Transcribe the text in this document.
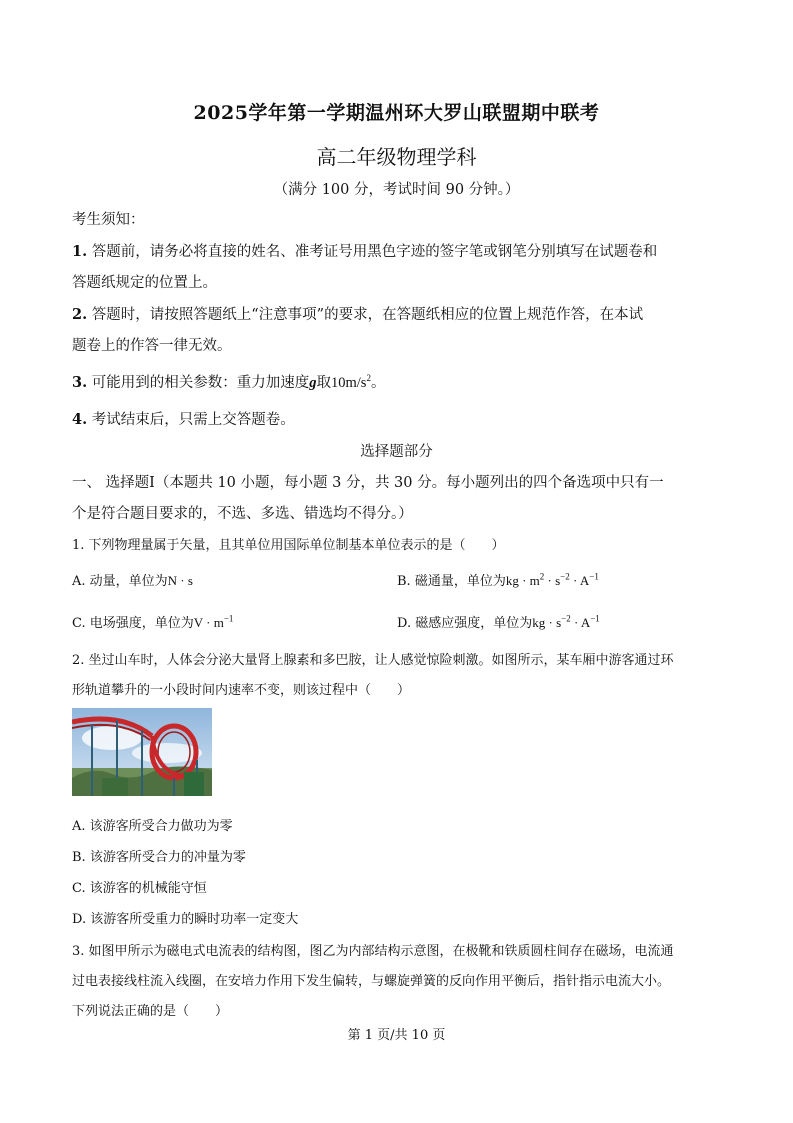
2025学年第一学期温州环大罗山联盟期中联考
高二年级物理学科
（满分 100 分，考试时间 90 分钟。）
考生须知：
1. 答题前，请务必将直接的姓名、准考证号用黑色字迹的签字笔或钢笔分别填写在试题卷和
答题纸规定的位置上。
2. 答题时，请按照答题纸上“注意事项”的要求，在答题纸相应的位置上规范作答，在本试
题卷上的作答一律无效。
3. 可能用到的相关参数：重力加速度g取$10m/s^2$。
4. 考试结束后，只需上交答题卷。
选择题部分
一、 选择题Ⅰ（本题共 10 小题，每小题 3 分，共 30 分。每小题列出的四个备选项中只有一
个是符合题目要求的，不选、多选、错选均不得分。）
1. 下列物理量属于矢量，且其单位用国际单位制基本单位表示的是（　　）
A. 动量，单位为N · s	B. 磁通量，单位为kg · $m^2 \cdot s^{-2} \cdot A^{-1}$
C. 电场强度，单位为$V \cdot m^{-1}$	D. 磁感应强度，单位为kg · $s^{-2} \cdot A^{-1}$
2. 坐过山车时，人体会分泌大量肾上腺素和多巴胺，让人感觉惊险刺激。如图所示，某车厢中游客通过环
形轨道攀升的一小段时间内速率不变，则该过程中（　　）
A. 该游客所受合力做功为零
B. 该游客所受合力的冲量为零
C. 该游客的机械能守恒
D. 该游客所受重力的瞬时功率一定变大
3. 如图甲所示为磁电式电流表的结构图，图乙为内部结构示意图，在极靴和铁质圆柱间存在磁场，电流通
过电表接线柱流入线圈，在安培力作用下发生偏转，与螺旋弹簧的反向作用平衡后，指针指示电流大小。
下列说法正确的是（　　）
第 1 页/共 10 页
